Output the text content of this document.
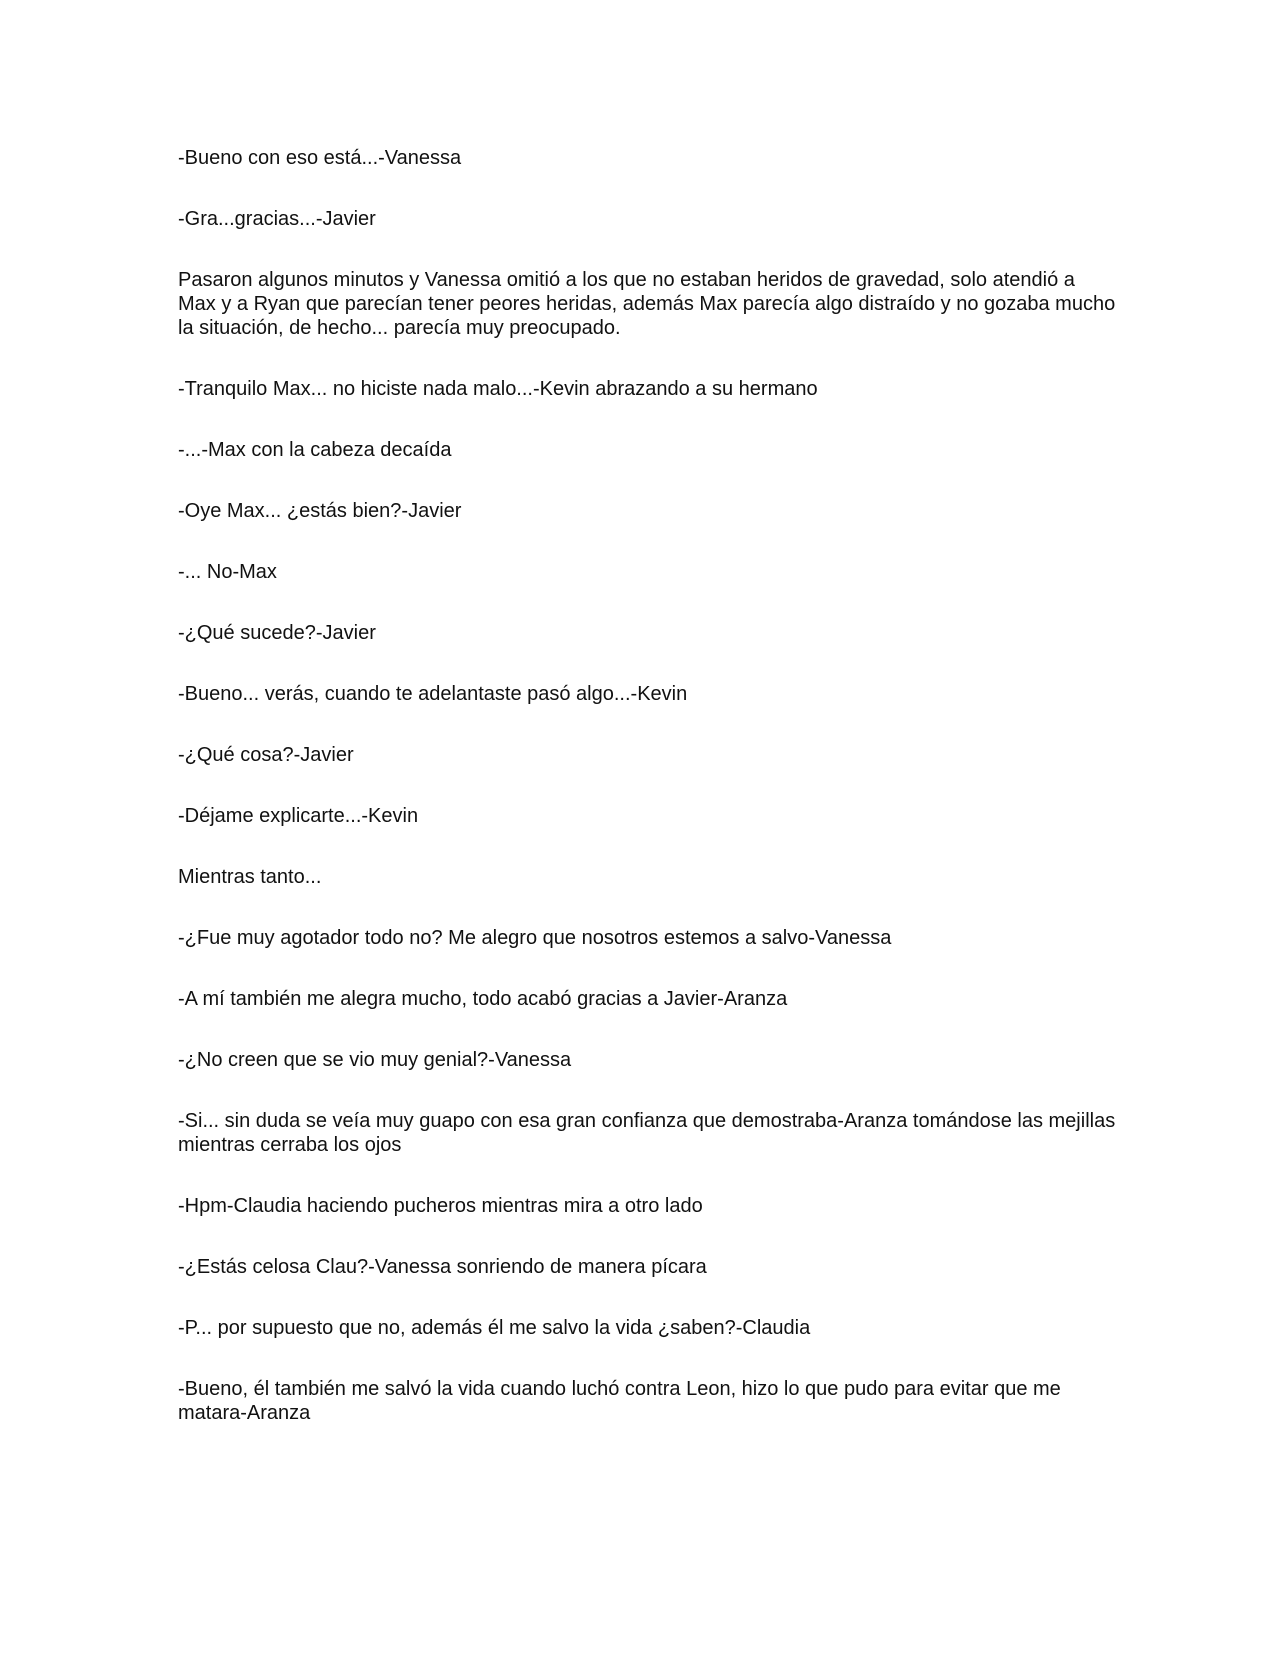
-Bueno con eso está...-Vanessa

-Gra...gracias...-Javier

Pasaron algunos minutos y Vanessa omitió a los que no estaban heridos de gravedad, solo atendió a Max y a Ryan que parecían tener peores heridas, además Max parecía algo distraído y no gozaba mucho la situación, de hecho... parecía muy preocupado.

-Tranquilo Max... no hiciste nada malo...-Kevin abrazando a su hermano

-...-Max con la cabeza decaída

-Oye Max... ¿estás bien?-Javier

-... No-Max

-¿Qué sucede?-Javier

-Bueno... verás, cuando te adelantaste pasó algo...-Kevin

-¿Qué cosa?-Javier

-Déjame explicarte...-Kevin

Mientras tanto...

-¿Fue muy agotador todo no? Me alegro que nosotros estemos a salvo-Vanessa

-A mí también me alegra mucho, todo acabó gracias a Javier-Aranza

-¿No creen que se vio muy genial?-Vanessa

-Si... sin duda se veía muy guapo con esa gran confianza que demostraba-Aranza tomándose las mejillas mientras cerraba los ojos

-Hpm-Claudia haciendo pucheros mientras mira a otro lado

-¿Estás celosa Clau?-Vanessa sonriendo de manera pícara

-P... por supuesto que no, además él me salvo la vida ¿saben?-Claudia

-Bueno, él también me salvó la vida cuando luchó contra Leon, hizo lo que pudo para evitar que me matara-Aranza
